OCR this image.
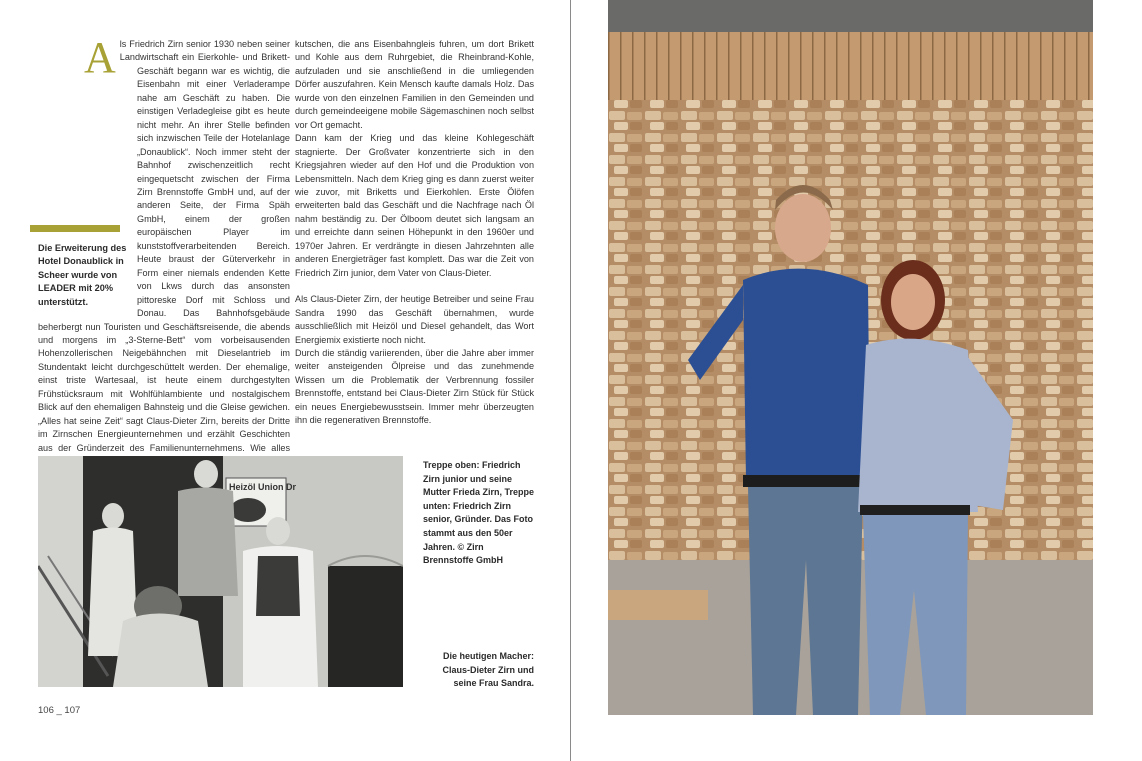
A ls Friedrich Zirn senior 1930 neben seiner Landwirtschaft ein Eierkohle- und Brikett-Geschäft begann war es wichtig, die Eisenbahn mit einer Verladerampe nahe am Geschäft zu haben. Die einstigen Verladegleise gibt es heute nicht mehr. An ihrer Stelle befinden sich inzwischen Teile der Hotelanlage „Donaublick“. Noch immer steht der Bahnhof zwischenzeitlich recht eingequetscht zwischen der Firma Zirn Brennstoffe GmbH und, auf der anderen Seite, der Firma Späh GmbH, einem der großen europäischen Player im kunststoffverarbeitenden Bereich. Heute braust der Güterverkehr in Form einer niemals endenden Kette von Lkws durch das ansonsten pittoreske Dorf mit Schloss und Donau. Das Bahnhofsgebäude beherbergt nun Touristen und Geschäftsreisende, die abends und morgens im „3-Sterne-Bett“ vom vorbeisausenden Hohenzollerischen Neigebähnchen mit Dieselantrieb im Stundentakt leicht durchgeschüttelt werden. Der ehemalige, einst triste Wartesaal, ist heute einem durchgestylten Frühstücksraum mit Wohlfühlambiente und nostalgischem Blick auf den ehemaligen Bahnsteig und die Gleise gewichen. „Alles hat seine Zeit“ sagt Claus-Dieter Zirn, bereits der Dritte im Zirnschen Energieunternehmen und erzählt Geschichten aus der Gründerzeit des Familienunternehmens. Wie alles

Die Erweiterung des Hotel Donaublick in Scheer wurde von LEADER mit 20% unterstützt.

kutschen, die ans Eisenbahngleis fuhren, um dort Brikett und Kohle aus dem Ruhrgebiet, die Rheinbrand-Kohle, aufzuladen und sie anschließend in die umliegenden Dörfer auszufahren. Kein Mensch kaufte damals Holz. Das wurde von den einzelnen Familien in den Gemeinden und durch gemeindeeigene mobile Sägemaschinen noch selbst vor Ort gemacht.

Dann kam der Krieg und das kleine Kohlegeschäft stagnierte. Der Großvater konzentrierte sich in den Kriegsjahren wieder auf den Hof und die Produktion von Lebensmitteln. Nach dem Krieg ging es dann zuerst weiter wie zuvor, mit Briketts und Eierkohlen. Erste Ölöfen erweiterten bald das Geschäft und die Nachfrage nach Öl nahm beständig zu. Der Ölboom deutet sich langsam an und erreichte dann seinen Höhepunkt in den 1960er und 1970er Jahren. Er verdrängte in diesen Jahrzehnten alle anderen Energieträger fast komplett. Das war die Zeit von Friedrich Zirn junior, dem Vater von Claus-Dieter.

Als Claus-Dieter Zirn, der heutige Betreiber und seine Frau Sandra 1990 das Geschäft übernahmen, wurde ausschließlich mit Heizöl und Diesel gehandelt, das Wort Energiemix existierte noch nicht.

Durch die ständig variierenden, über die Jahre aber immer weiter ansteigenden Ölpreise und das zunehmende Wissen um die Problematik der Verbrennung fossiler Brennstoffe, entstand bei Claus-Dieter Zirn Stück für Stück ein neues Energiebewusstsein. Immer mehr überzeugten ihn die regenerativen Brennstoffe.

Heizöl Union Dr
Treppe oben: Friedrich Zirn junior und seine Mutter Frieda Zirn, Treppe unten: Friedrich Zirn senior, Gründer. Das Foto stammt aus den 50er Jahren. © Zirn Brennstoffe GmbH
Die heutigen Macher: Claus-Dieter Zirn und seine Frau Sandra.
106 _ 107
